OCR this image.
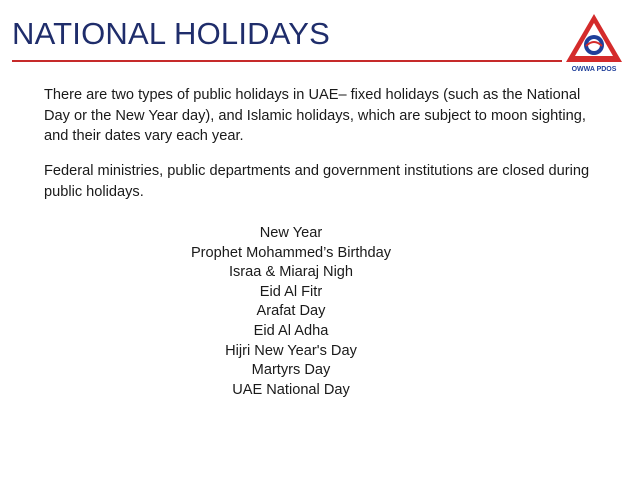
NATIONAL HOLIDAYS
OWWA PDOS
There are two types of public holidays in UAE– fixed holidays (such as the National Day or the New Year day), and Islamic holidays, which are subject to moon sighting, and their dates vary each year.
Federal ministries, public departments and government institutions are closed during public holidays.
New Year
Prophet Mohammed’s Birthday
Israa & Miaraj Nigh
Eid Al Fitr
Arafat Day
Eid Al Adha
Hijri New Year's Day
Martyrs Day
UAE National Day
